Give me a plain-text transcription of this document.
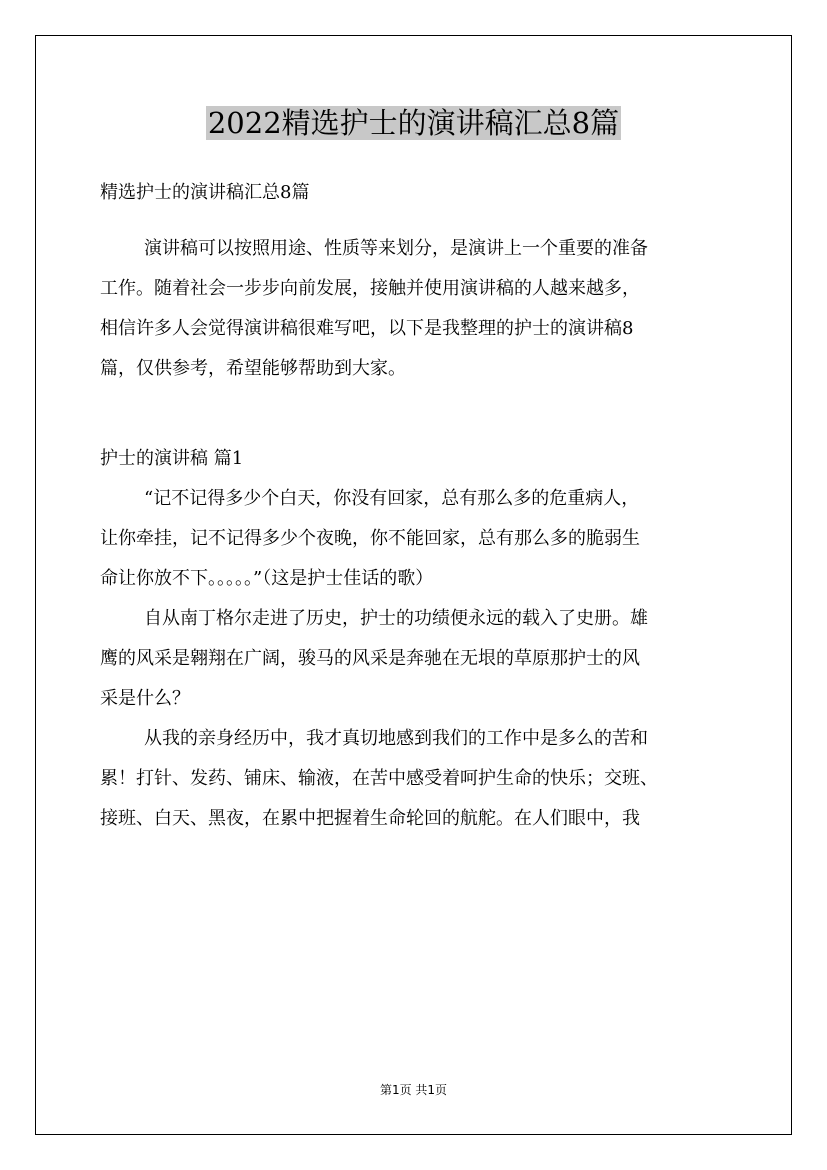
2022精选护士的演讲稿汇总8篇

精选护士的演讲稿汇总8篇

演讲稿可以按照用途、性质等来划分，是演讲上一个重要的准备

工作。随着社会一步步向前发展，接触并使用演讲稿的人越来越多，

相信许多人会觉得演讲稿很难写吧，以下是我整理的护士的演讲稿8

篇，仅供参考，希望能够帮助到大家。

护士的演讲稿 篇1

“记不记得多少个白天，你没有回家，总有那么多的危重病人，

让你牵挂，记不记得多少个夜晚，你不能回家，总有那么多的脆弱生

命让你放不下。。。。。”（这是护士佳话的歌）

自从南丁格尔走进了历史，护士的功绩便永远的载入了史册。雄

鹰的风采是翱翔在广阔，骏马的风采是奔驰在无垠的草原那护士的风

采是什么？

从我的亲身经历中，我才真切地感到我们的工作中是多么的苦和

累！打针、发药、铺床、输液，在苦中感受着呵护生命的快乐；交班、

接班、白天、黑夜，在累中把握着生命轮回的航舵。在人们眼中，我

第1页 共1页
